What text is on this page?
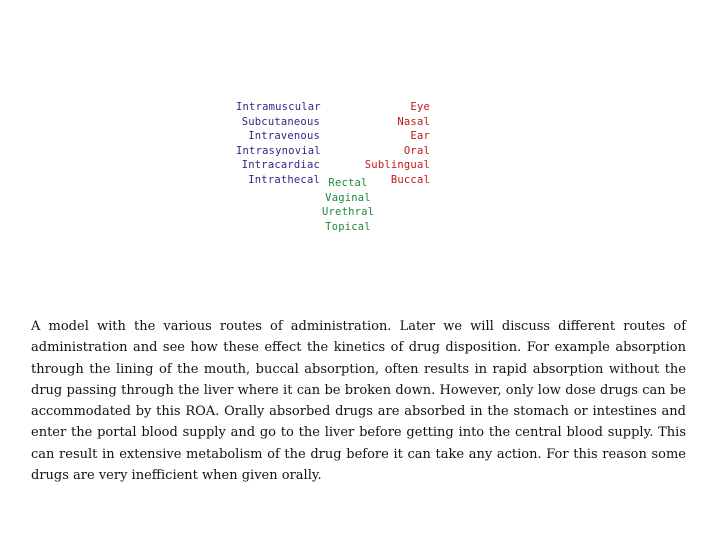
Intramuscular
Subcutaneous
Intravenous
Intrasynovial
Intracardiac
Intrathecal
Eye
Nasal
Ear
Oral
Sublingual
Buccal
Rectal
Vaginal
Urethral
Topical

A model with the various routes of administration. Later we will discuss different routes of administration and see how these effect the kinetics of drug disposition. For example absorption through the lining of the mouth, buccal absorption, often results in rapid absorption without the drug passing through the liver where it can be broken down. However, only low dose drugs can be accommodated by this ROA. Orally absorbed drugs are absorbed in the stomach or intestines and enter the portal blood supply and go to the liver before getting into the central blood supply. This can result in extensive metabolism of the drug before it can take any action. For this reason some drugs are very inefficient when given orally.
